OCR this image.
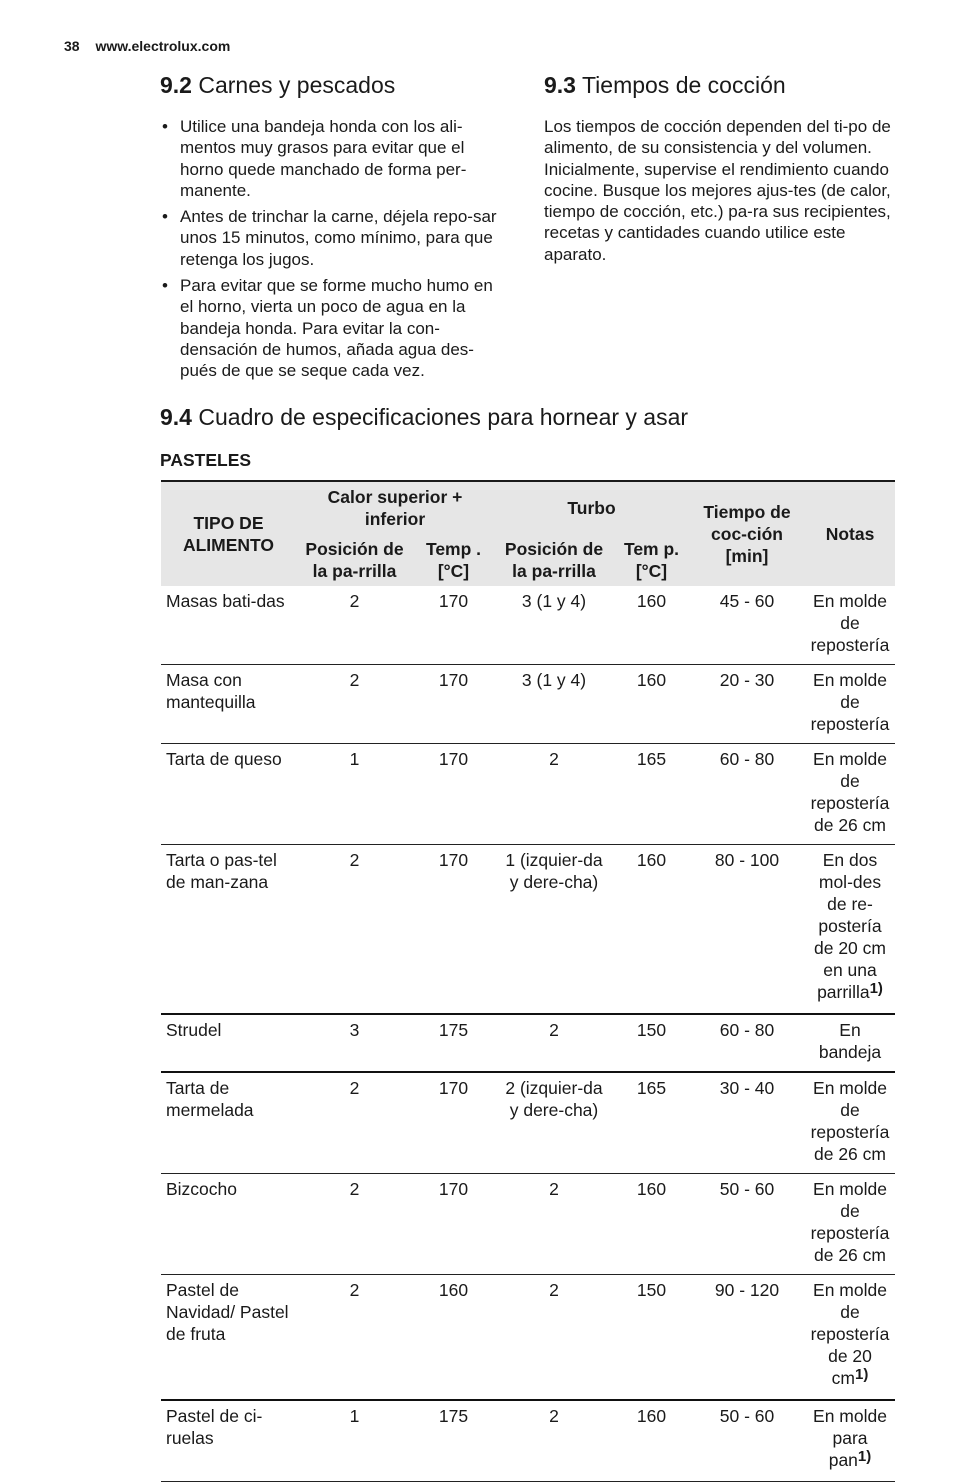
38 www.electrolux.com
9.2 Carnes y pescados
• Utilice una bandeja honda con los ali-mentos muy grasos para evitar que el horno quede manchado de forma per-manente.
• Antes de trinchar la carne, déjela repo-sar unos 15 minutos, como mínimo, para que retenga los jugos.
• Para evitar que se forme mucho humo en el horno, vierta un poco de agua en la bandeja honda. Para evitar la con-densación de humos, añada agua des-pués de que se seque cada vez.
9.3 Tiempos de cocción
Los tiempos de cocción dependen del ti-po de alimento, de su consistencia y del volumen.
Inicialmente, supervise el rendimiento cuando cocine. Busque los mejores ajus-tes (de calor, tiempo de cocción, etc.) pa-ra sus recipientes, recetas y cantidades cuando utilice este aparato.
9.4 Cuadro de especificaciones para hornear y asar
PASTELES
TIPO DE ALIMENTO	Calor superior + inferior		Turbo		Tiempo de coc-ción [min]	Notas
	Posición de la pa-rrilla	Temp . [°C]	Posición de la pa-rrilla	Tem p. [°C]		
Masas bati-das	2	170	3 (1 y 4)	160	45 - 60	En molde de repostería
Masa con mantequilla	2	170	3 (1 y 4)	160	20 - 30	En molde de repostería
Tarta de queso	1	170	2	165	60 - 80	En molde de repostería de 26 cm
Tarta o pas-tel de man-zana	2	170	1 (izquier-da y dere-cha)	160	80 - 100	En dos mol-des de re-postería de 20 cm en una parrilla1)
Strudel	3	175	2	150	60 - 80	En bandeja
Tarta de mermelada	2	170	2 (izquier-da y dere-cha)	165	30 - 40	En molde de repostería de 26 cm
Bizcocho	2	170	2	160	50 - 60	En molde de repostería de 26 cm
Pastel de Navidad/ Pastel de fruta	2	160	2	150	90 - 120	En molde de repostería de 20 cm1)
Pastel de ci-ruelas	1	175	2	160	50 - 60	En molde para pan1)
